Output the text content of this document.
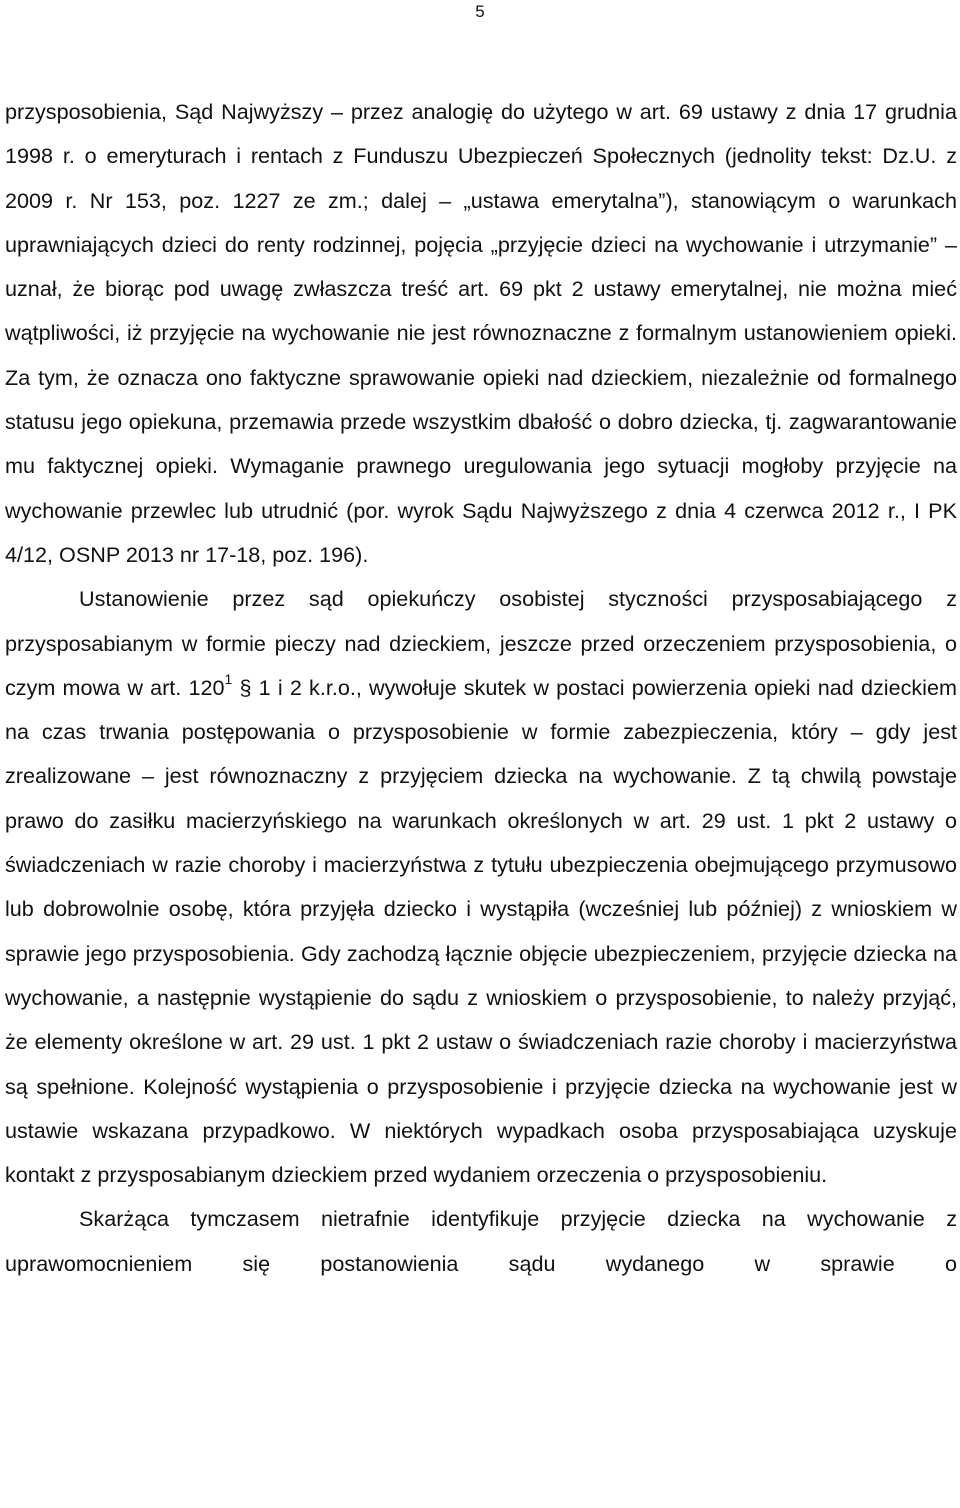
5

przysposobienia, Sąd Najwyższy – przez analogię do użytego w art. 69 ustawy z dnia 17 grudnia 1998 r. o emeryturach i rentach z Funduszu Ubezpieczeń Społecznych (jednolity tekst: Dz.U. z 2009 r. Nr 153, poz. 1227 ze zm.; dalej – „ustawa emerytalna”), stanowiącym o warunkach uprawniających dzieci do renty rodzinnej, pojęcia „przyjęcie dzieci na wychowanie i utrzymanie” – uznał, że biorąc pod uwagę zwłaszcza treść art. 69 pkt 2 ustawy emerytalnej, nie można mieć wątpliwości, iż przyjęcie na wychowanie nie jest równoznaczne z formalnym ustanowieniem opieki. Za tym, że oznacza ono faktyczne sprawowanie opieki nad dzieckiem, niezależnie od formalnego statusu jego opiekuna, przemawia przede wszystkim dbałość o dobro dziecka, tj. zagwarantowanie mu faktycznej opieki. Wymaganie prawnego uregulowania jego sytuacji mogłoby przyjęcie na wychowanie przewlec lub utrudnić (por. wyrok Sądu Najwyższego z dnia 4 czerwca 2012 r., I PK 4/12, OSNP 2013 nr 17-18, poz. 196).

Ustanowienie przez sąd opiekuńczy osobistej styczności przysposabiającego z przysposabianym w formie pieczy nad dzieckiem, jeszcze przed orzeczeniem przysposobienia, o czym mowa w art. $120^1$ § 1 i 2 k.r.o., wywołuje skutek w postaci powierzenia opieki nad dzieckiem na czas trwania postępowania o przysposobienie w formie zabezpieczenia, który – gdy jest zrealizowane – jest równoznaczny z przyjęciem dziecka na wychowanie. Z tą chwilą powstaje prawo do zasiłku macierzyńskiego na warunkach określonych w art. 29 ust. 1 pkt 2 ustawy o świadczeniach w razie choroby i macierzyństwa z tytułu ubezpieczenia obejmującego przymusowo lub dobrowolnie osobę, która przyjęła dziecko i wystąpiła (wcześniej lub później) z wnioskiem w sprawie jego przysposobienia. Gdy zachodzą łącznie objęcie ubezpieczeniem, przyjęcie dziecka na wychowanie, a następnie wystąpienie do sądu z wnioskiem o przysposobienie, to należy przyjąć, że elementy określone w art. 29 ust. 1 pkt 2 ustaw o świadczeniach razie choroby i macierzyństwa są spełnione. Kolejność wystąpienia o przysposobienie i przyjęcie dziecka na wychowanie jest w ustawie wskazana przypadkowo. W niektórych wypadkach osoba przysposabiająca uzyskuje kontakt z przysposabianym dzieckiem przed wydaniem orzeczenia o przysposobieniu.

Skarżąca tymczasem nietrafnie identyfikuje przyjęcie dziecka na wychowanie z uprawomocnieniem się postanowienia sądu wydanego w sprawie o
